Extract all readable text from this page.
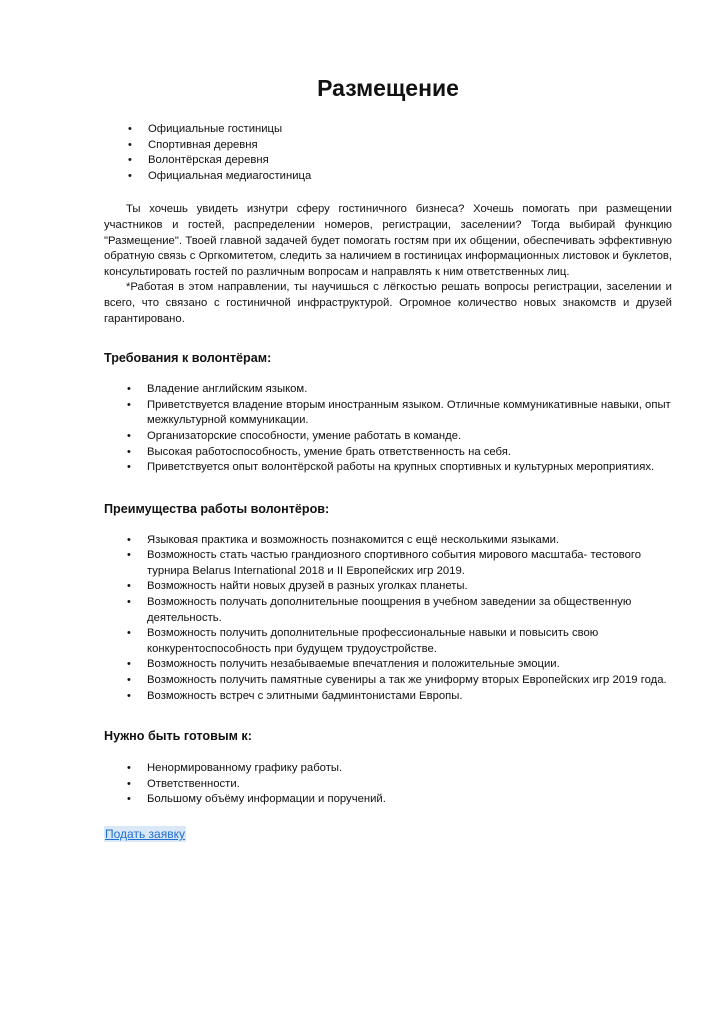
Размещение
• Официальные гостиницы
• Спортивная деревня
• Волонтёрская деревня
• Официальная медиагостиница

Ты хочешь увидеть изнутри сферу гостиничного бизнеса? Хочешь помогать при размещении участников и гостей, распределении номеров, регистрации, заселении? Тогда выбирай функцию "Размещение". Твоей главной задачей будет помогать гостям при их общении, обеспечивать эффективную обратную связь с Оргкомитетом, следить за наличием в гостиницах информационных листовок и буклетов, консультировать гостей по различным вопросам и направлять к ним ответственных лиц.

*Работая в этом направлении, ты научишься с лёгкостью решать вопросы регистрации, заселении и всего, что связано с гостиничной инфраструктурой. Огромное количество новых знакомств и друзей гарантировано.

Требования к волонтёрам:
• Владение английским языком.
• Приветствуется владение вторым иностранным языком. Отличные коммуникативные навыки, опыт межкультурной коммуникации.
• Организаторские способности, умение работать в команде.
• Высокая работоспособность, умение брать ответственность на себя.
• Приветствуется опыт волонтёрской работы на крупных спортивных и культурных мероприятиях.
Преимущества работы волонтёров:
• Языковая практика и возможность познакомится с ещё несколькими языками.
• Возможность стать частью грандиозного спортивного события мирового масштаба- тестового турнира Belarus International 2018 и II Европейских игр 2019.
• Возможность найти новых друзей в разных уголках планеты.
• Возможность получать дополнительные поощрения в учебном заведении за общественную деятельность.
• Возможность получить дополнительные профессиональные навыки и повысить свою конкурентоспособность при будущем трудоустройстве.
• Возможность получить незабываемые впечатления и положительные эмоции.
• Возможность получить памятные сувениры а так же униформу вторых Европейских игр 2019 года.
• Возможность встреч с элитными бадминтонистами Европы.
Нужно быть готовым к:
• Ненормированному графику работы.
• Ответственности.
• Большому объёму информации и поручений.
Подать заявку
